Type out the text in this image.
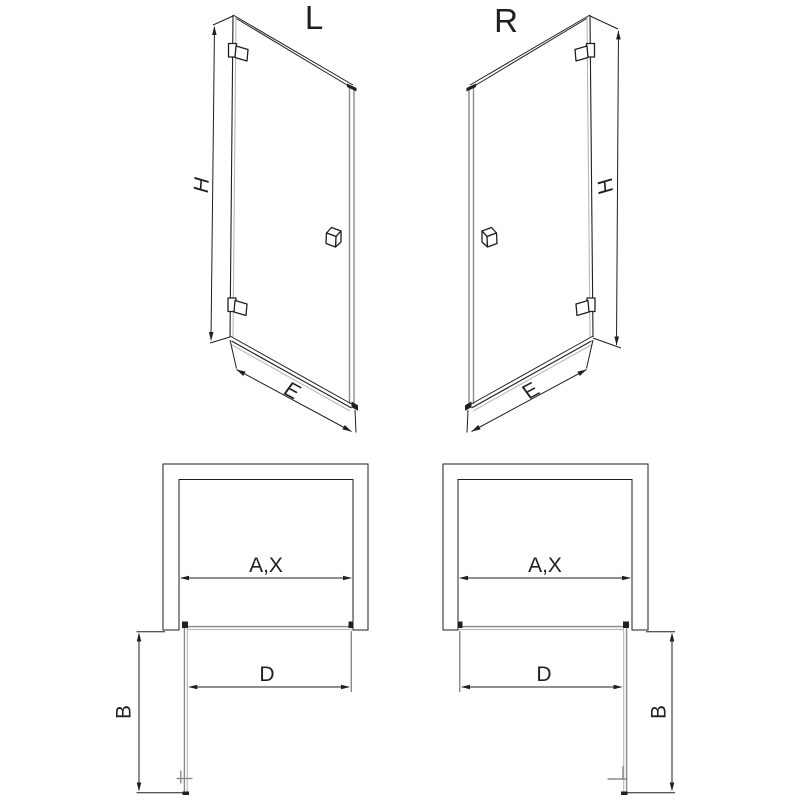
L
H
E
R
H
E
A,X
B
D
A,X
B
D
